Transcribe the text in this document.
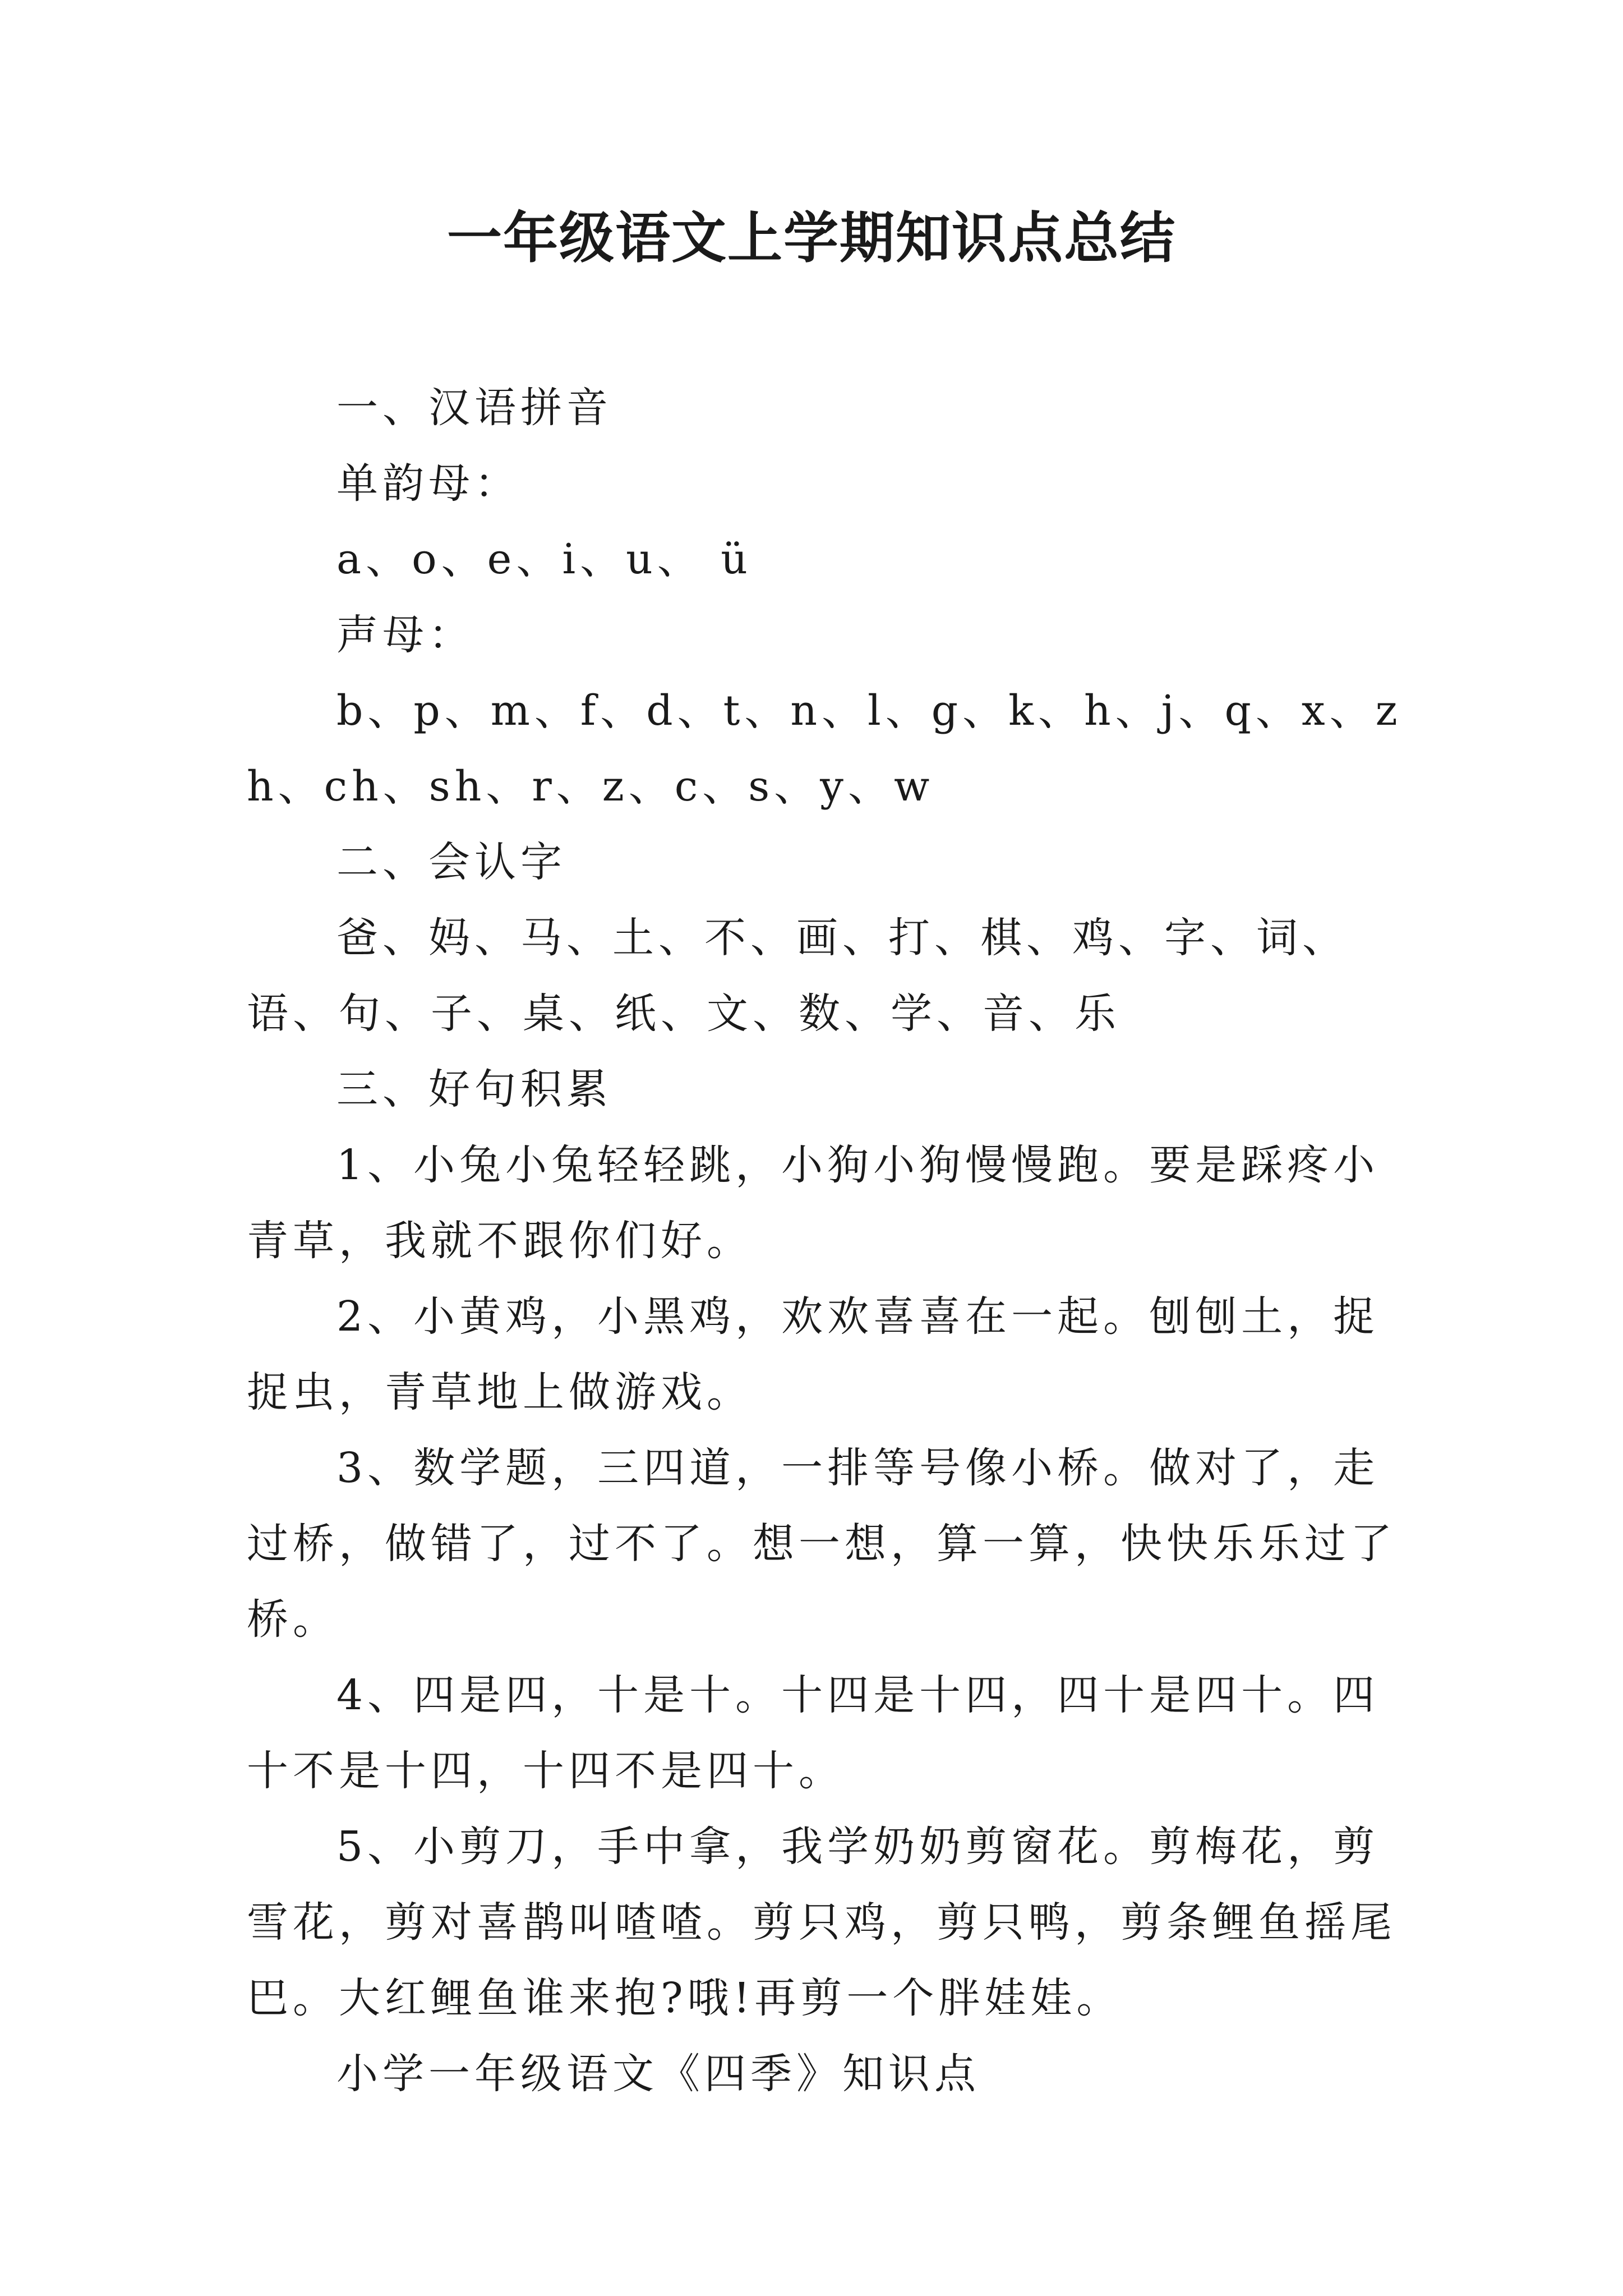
一年级语文上学期知识点总结

一、汉语拼音

单韵母：

a、o、e、i、u、 ü

声母：

b、p、m、f、d、t、n、l、g、k、h、j、q、x、zh、ch、sh、r、z、c、s、y、w

二、会认字

爸、妈、马、土、不、画、打、棋、鸡、字、词、语、句、子、桌、纸、文、数、学、音、乐

三、好句积累

1、小兔小兔轻轻跳，小狗小狗慢慢跑。要是踩疼小青草，我就不跟你们好。

2、小黄鸡，小黑鸡，欢欢喜喜在一起。刨刨土，捉捉虫，青草地上做游戏。

3、数学题，三四道，一排等号像小桥。做对了，走过桥，做错了，过不了。想一想，算一算，快快乐乐过了桥。

4、四是四，十是十。十四是十四，四十是四十。四十不是十四，十四不是四十。

5、小剪刀，手中拿，我学奶奶剪窗花。剪梅花，剪雪花，剪对喜鹊叫喳喳。剪只鸡，剪只鸭，剪条鲤鱼摇尾巴。大红鲤鱼谁来抱?哦!再剪一个胖娃娃。

小学一年级语文《四季》知识点
